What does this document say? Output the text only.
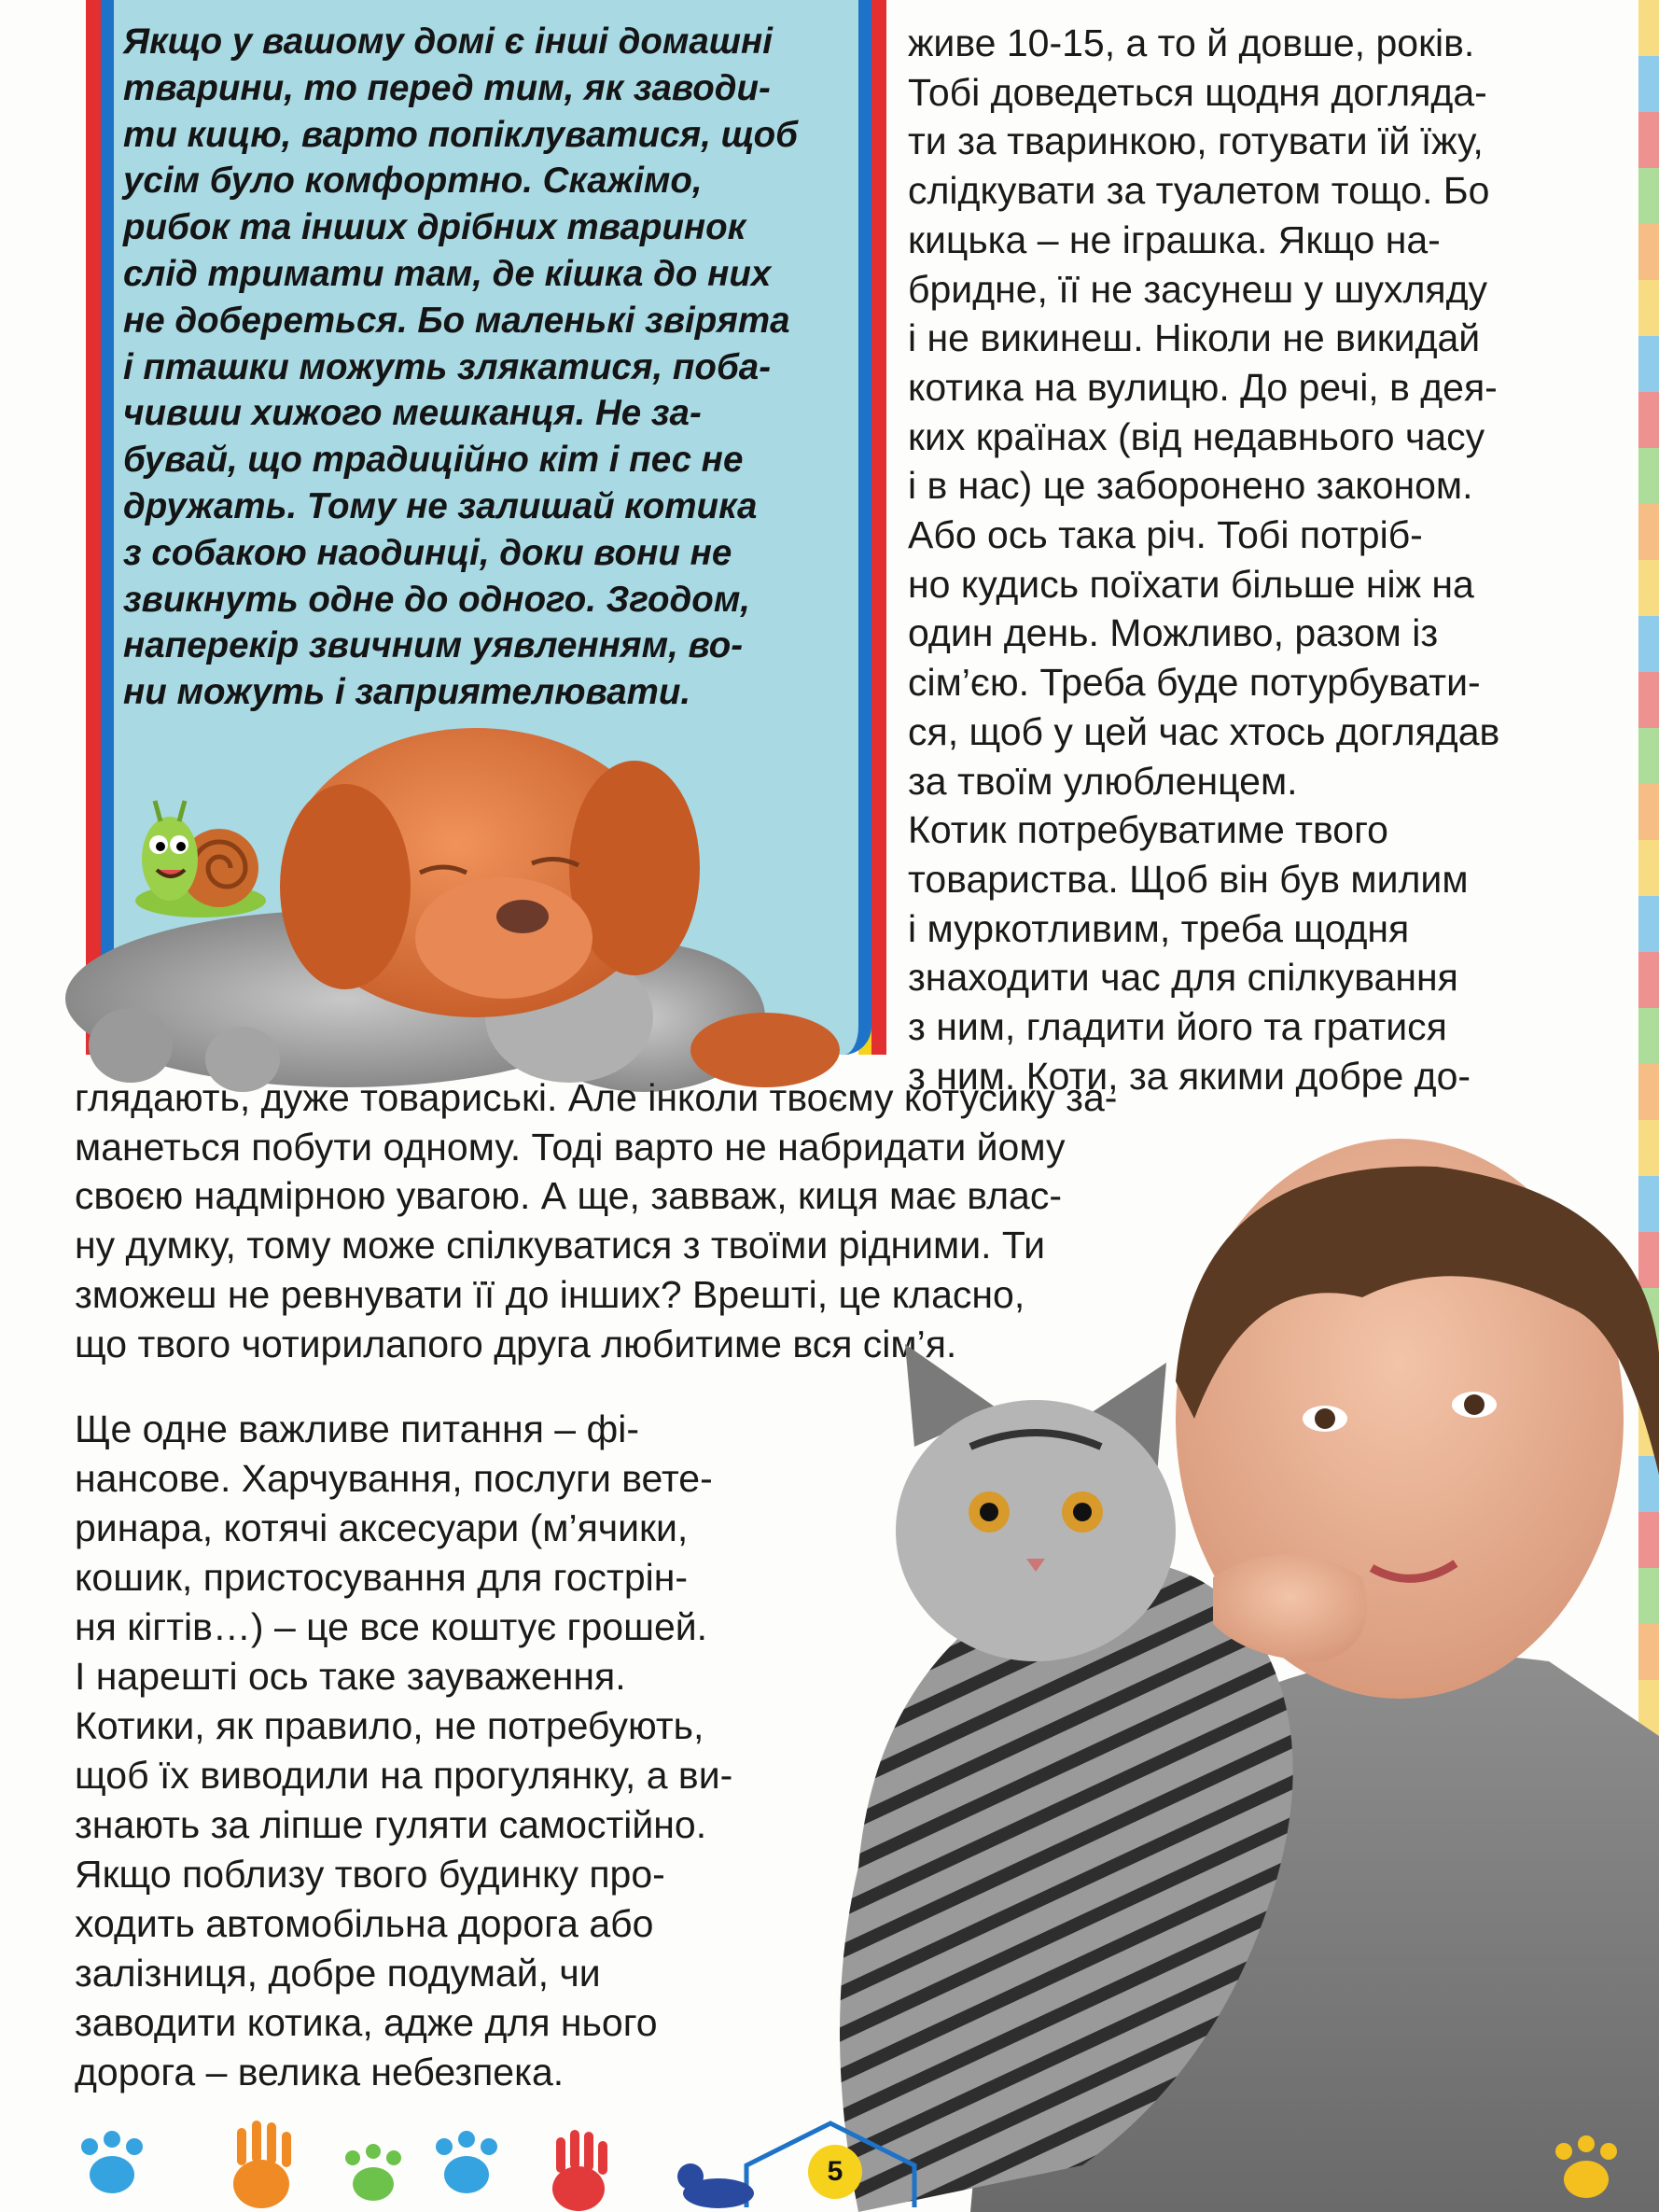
Якщо у вашому домі є інші домашні
тварини, то перед тим, як заводи-
ти кицю, варто попіклуватися, щоб
усім було комфортно. Скажімо,
рибок та інших дрібних тваринок
слід тримати там, де кішка до них
не добереться. Бо маленькі звірята
і пташки можуть злякатися, поба-
чивши хижого мешканця. Не за-
бувай, що традиційно кіт і пес не
дружать. Тому не залишай котика
з собакою наодинці, доки вони не
звикнуть одне до одного. Згодом,
наперекір звичним уявленням, во-
ни можуть і заприятелювати.
живе 10-15, а то й довше, років.
Тобі доведеться щодня догляда-
ти за тваринкою, готувати їй їжу,
слідкувати за туалетом тощо. Бо
кицька – не іграшка. Якщо на-
бридне, її не засунеш у шухляду
і не викинеш. Ніколи не викидай
котика на вулицю. До речі, в дея-
ких країнах (від недавнього часу
і в нас) це заборонено законом.
Або ось така річ. Тобі потріб-
но кудись поїхати більше ніж на
один день. Можливо, разом із
сім’єю. Треба буде потурбувати-
ся, щоб у цей час хтось доглядав
за твоїм улюбленцем.
Котик потребуватиме твого
товариства. Щоб він був милим
і муркотливим, треба щодня
знаходити час для спілкування
з ним, гладити його та гратися
з ним. Коти, за якими добре до-
глядають, дуже товариські. Але інколи твоєму котусику за-
манеться побути одному. Тоді варто не набридати йому
своєю надмірною увагою. А ще, завваж, киця має влас-
ну думку, тому може спілкуватися з твоїми рідними. Ти
зможеш не ревнувати її до інших? Врешті, це класно,
що твого чотирилапого друга любитиме вся сім’я.
Ще одне важливе питання – фі-
нансове. Харчування, послуги вете-
ринара, котячі аксесуари (м’ячики,
кошик, пристосування для гострін-
ня кігтів…) – це все коштує грошей.
І нарешті ось таке зауваження.
Котики, як правило, не потребують,
щоб їх виводили на прогулянку, а ви-
знають за ліпше гуляти самостійно.
Якщо поблизу твого будинку про-
ходить автомобільна дорога або
залізниця, добре подумай, чи
заводити котика, адже для нього
дорога – велика небезпека.
5
